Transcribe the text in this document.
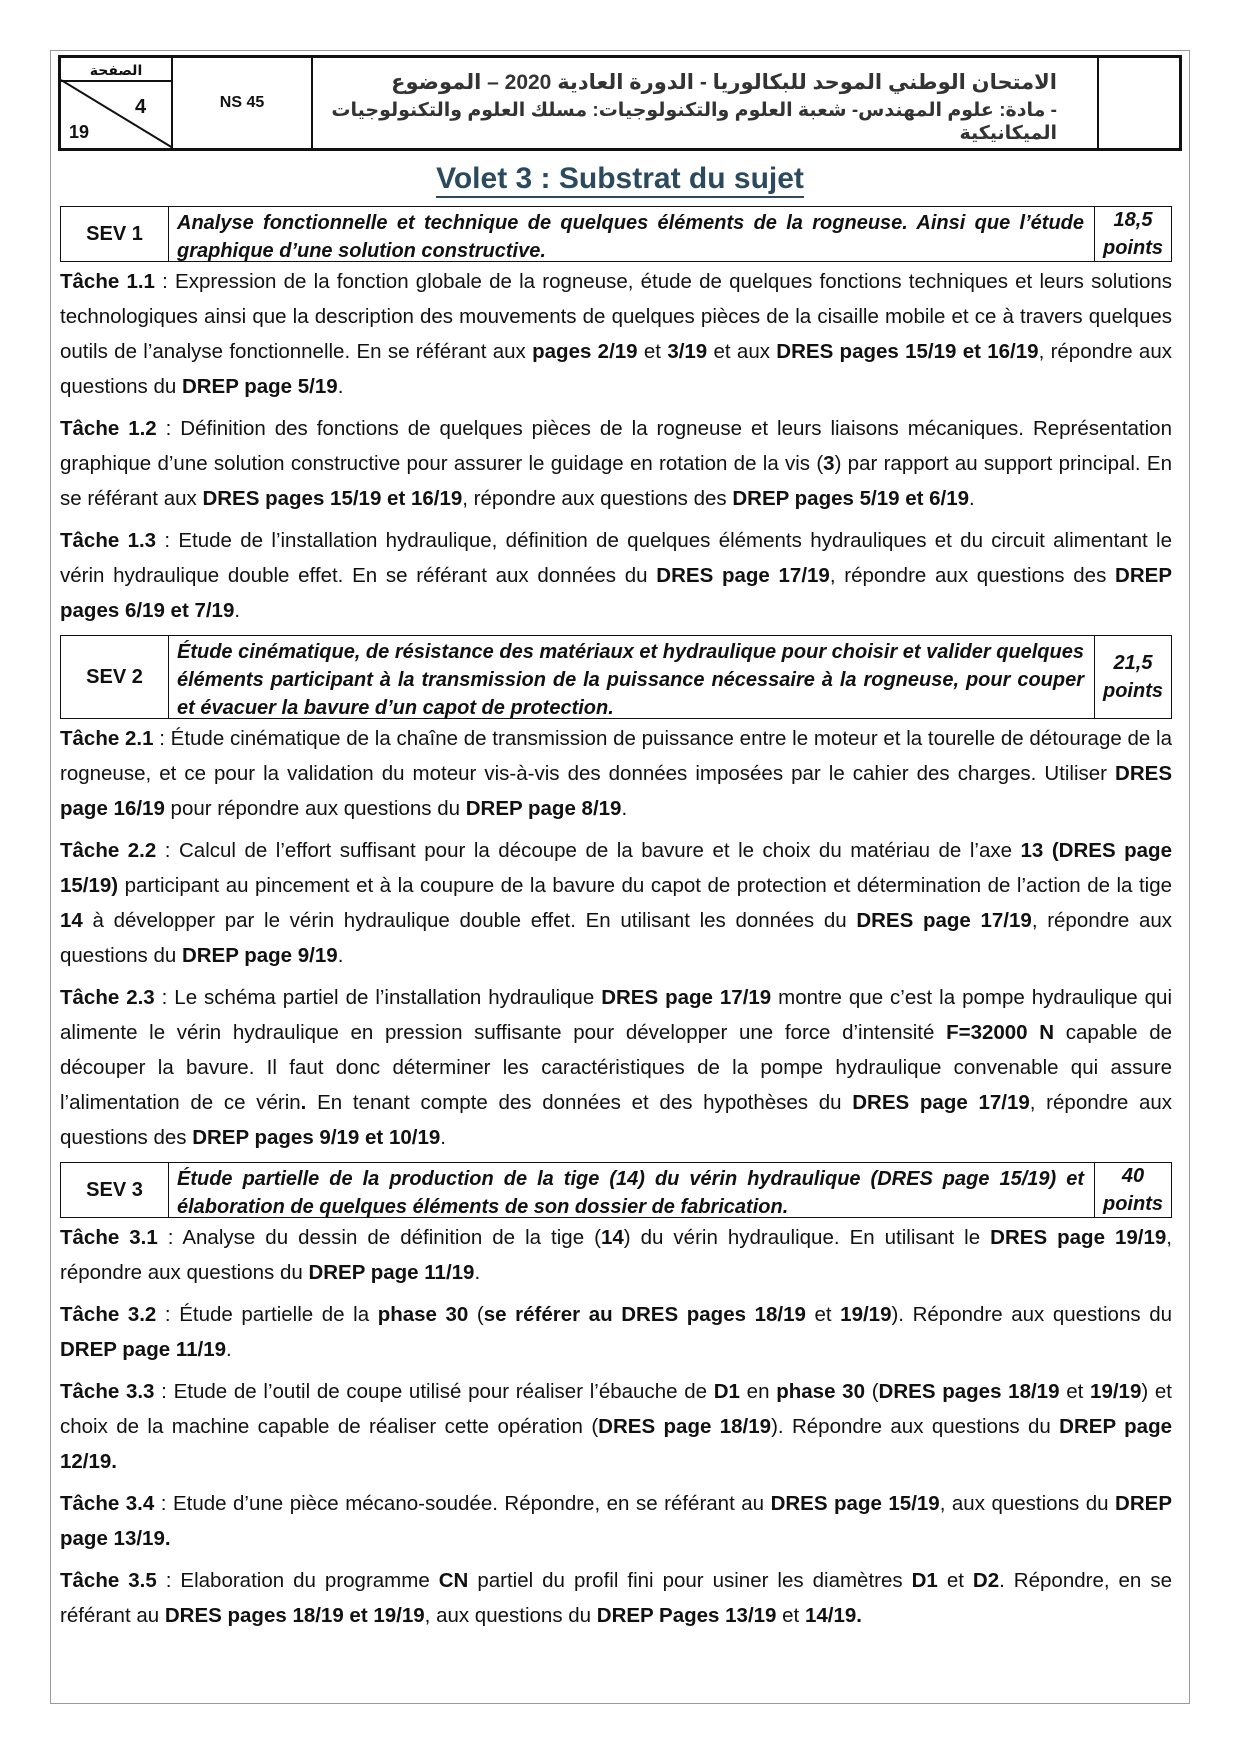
الصفحة
4
19
NS 45
الامتحان الوطني الموحد للبكالوريا - الدورة العادية 2020 – الموضوع
- مادة: علوم المهندس- شعبة العلوم والتكنولوجيات: مسلك العلوم والتكنولوجيات الميكانيكية
Volet 3 : Substrat du sujet
SEV 1	Analyse fonctionnelle et technique de quelques éléments de la rogneuse. Ainsi que l’étude graphique d’une solution constructive.
18,5
points

Tâche 1.1 : Expression de la fonction globale de la rogneuse, étude de quelques fonctions techniques et leurs solutions technologiques ainsi que la description des mouvements de quelques pièces de la cisaille mobile et ce à travers quelques outils de l’analyse fonctionnelle. En se référant aux pages 2/19 et 3/19 et aux DRES pages 15/19 et 16/19, répondre aux questions du DREP page 5/19.

Tâche 1.2 : Définition des fonctions de quelques pièces de la rogneuse et leurs liaisons mécaniques. Représentation graphique d’une solution constructive pour assurer le guidage en rotation de la vis (3) par rapport au support principal. En se référant aux DRES pages 15/19 et 16/19, répondre aux questions des DREP pages 5/19 et 6/19.

Tâche 1.3 : Etude de l’installation hydraulique, définition de quelques éléments hydrauliques et du circuit alimentant le vérin hydraulique double effet. En se référant aux données du DRES page 17/19, répondre aux questions des DREP pages 6/19 et 7/19.

SEV 2
Étude cinématique, de résistance des matériaux et hydraulique pour choisir et valider quelques éléments participant à la transmission de la puissance nécessaire à la rogneuse, pour couper et évacuer la bavure d’un capot de protection.
21,5
points

Tâche 2.1 : Étude cinématique de la chaîne de transmission de puissance entre le moteur et la tourelle de détourage de la rogneuse, et ce pour la validation du moteur vis-à-vis des données imposées par le cahier des charges. Utiliser DRES page 16/19 pour répondre aux questions du DREP page 8/19.

Tâche 2.2 : Calcul de l’effort suffisant pour la découpe de la bavure et le choix du matériau de l’axe 13 (DRES page 15/19) participant au pincement et à la coupure de la bavure du capot de protection et détermination de l’action de la tige 14 à développer par le vérin hydraulique double effet. En utilisant les données du DRES page 17/19, répondre aux questions du DREP page 9/19.

Tâche 2.3 : Le schéma partiel de l’installation hydraulique DRES page 17/19 montre que c’est la pompe hydraulique qui alimente le vérin hydraulique en pression suffisante pour développer une force d’intensité F=32000 N capable de découper la bavure. Il faut donc déterminer les caractéristiques de la pompe hydraulique convenable qui assure l’alimentation de ce vérin. En tenant compte des données et des hypothèses du DRES page 17/19, répondre aux questions des DREP pages 9/19 et 10/19.

SEV 3	Étude partielle de la production de la tige (14) du vérin hydraulique (DRES page 15/19) et élaboration de quelques éléments de son dossier de fabrication.
40
points

Tâche 3.1 : Analyse du dessin de définition de la tige (14) du vérin hydraulique. En utilisant le DRES page 19/19, répondre aux questions du DREP page 11/19.

Tâche 3.2 : Étude partielle de la phase 30 (se référer au DRES pages 18/19 et 19/19). Répondre aux questions du DREP page 11/19.

Tâche 3.3 : Etude de l’outil de coupe utilisé pour réaliser l’ébauche de D1 en phase 30 (DRES pages 18/19 et 19/19) et choix de la machine capable de réaliser cette opération (DRES page 18/19). Répondre aux questions du DREP page 12/19.

Tâche 3.4 : Etude d’une pièce mécano-soudée. Répondre, en se référant au DRES page 15/19, aux questions du DREP page 13/19.

Tâche 3.5 : Elaboration du programme CN partiel du profil fini pour usiner les diamètres D1 et D2. Répondre, en se référant au DRES pages 18/19 et 19/19, aux questions du DREP Pages 13/19 et 14/19.
